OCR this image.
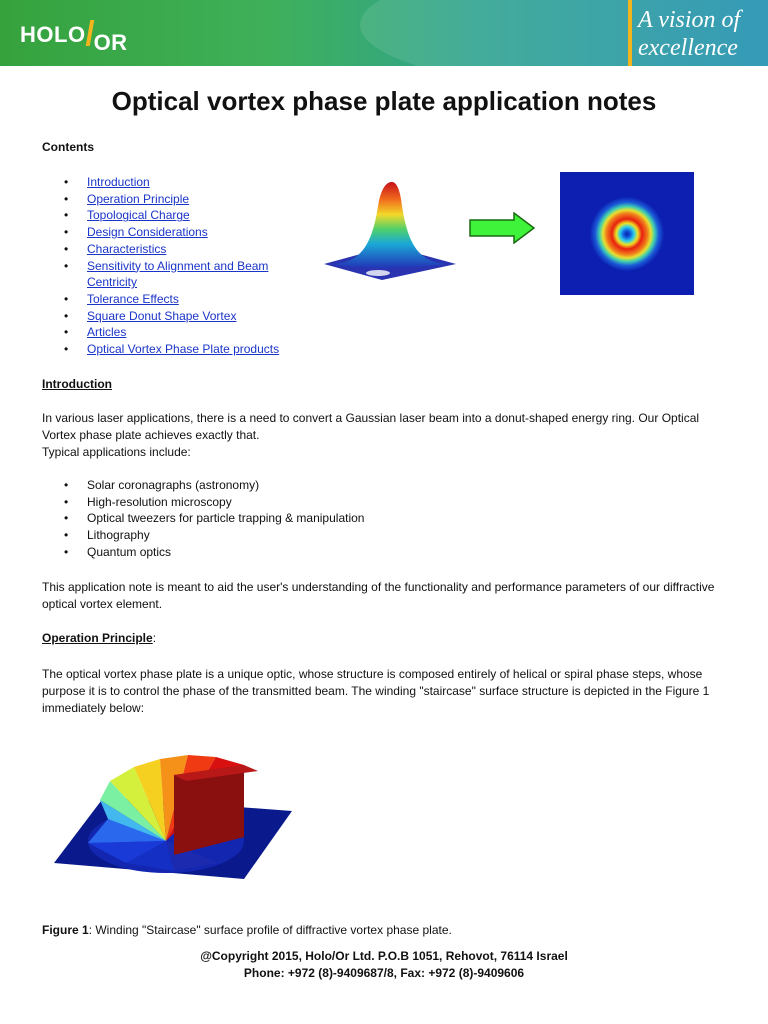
HOLO OR
A vision of
excellence
Optical vortex phase plate application notes
Contents
• Introduction
• Operation Principle
• Topological Charge
• Design Considerations
• Characteristics
• Sensitivity to Alignment and Beam Centricity
• Tolerance Effects
• Square Donut Shape Vortex
• Articles
• Optical Vortex Phase Plate products
Introduction
In various laser applications, there is a need to convert a Gaussian laser beam into a donut-shaped energy ring. Our Optical Vortex phase plate achieves exactly that.
Typical applications include:
• Solar coronagraphs (astronomy)
• High-resolution microscopy
• Optical tweezers for particle trapping & manipulation
• Lithography
• Quantum optics
This application note is meant to aid the user's understanding of the functionality and performance parameters of our diffractive optical vortex element.
Operation Principle:
The optical vortex phase plate is a unique optic, whose structure is composed entirely of helical or spiral phase steps, whose purpose it is to control the phase of the transmitted beam. The winding "staircase" surface structure is depicted in the Figure 1 immediately below:
Figure 1: Winding "Staircase" surface profile of diffractive vortex phase plate.
@Copyright 2015, Holo/Or Ltd. P.O.B 1051, Rehovot, 76114 Israel
Phone: +972 (8)-9409687/8, Fax: +972 (8)-9409606
